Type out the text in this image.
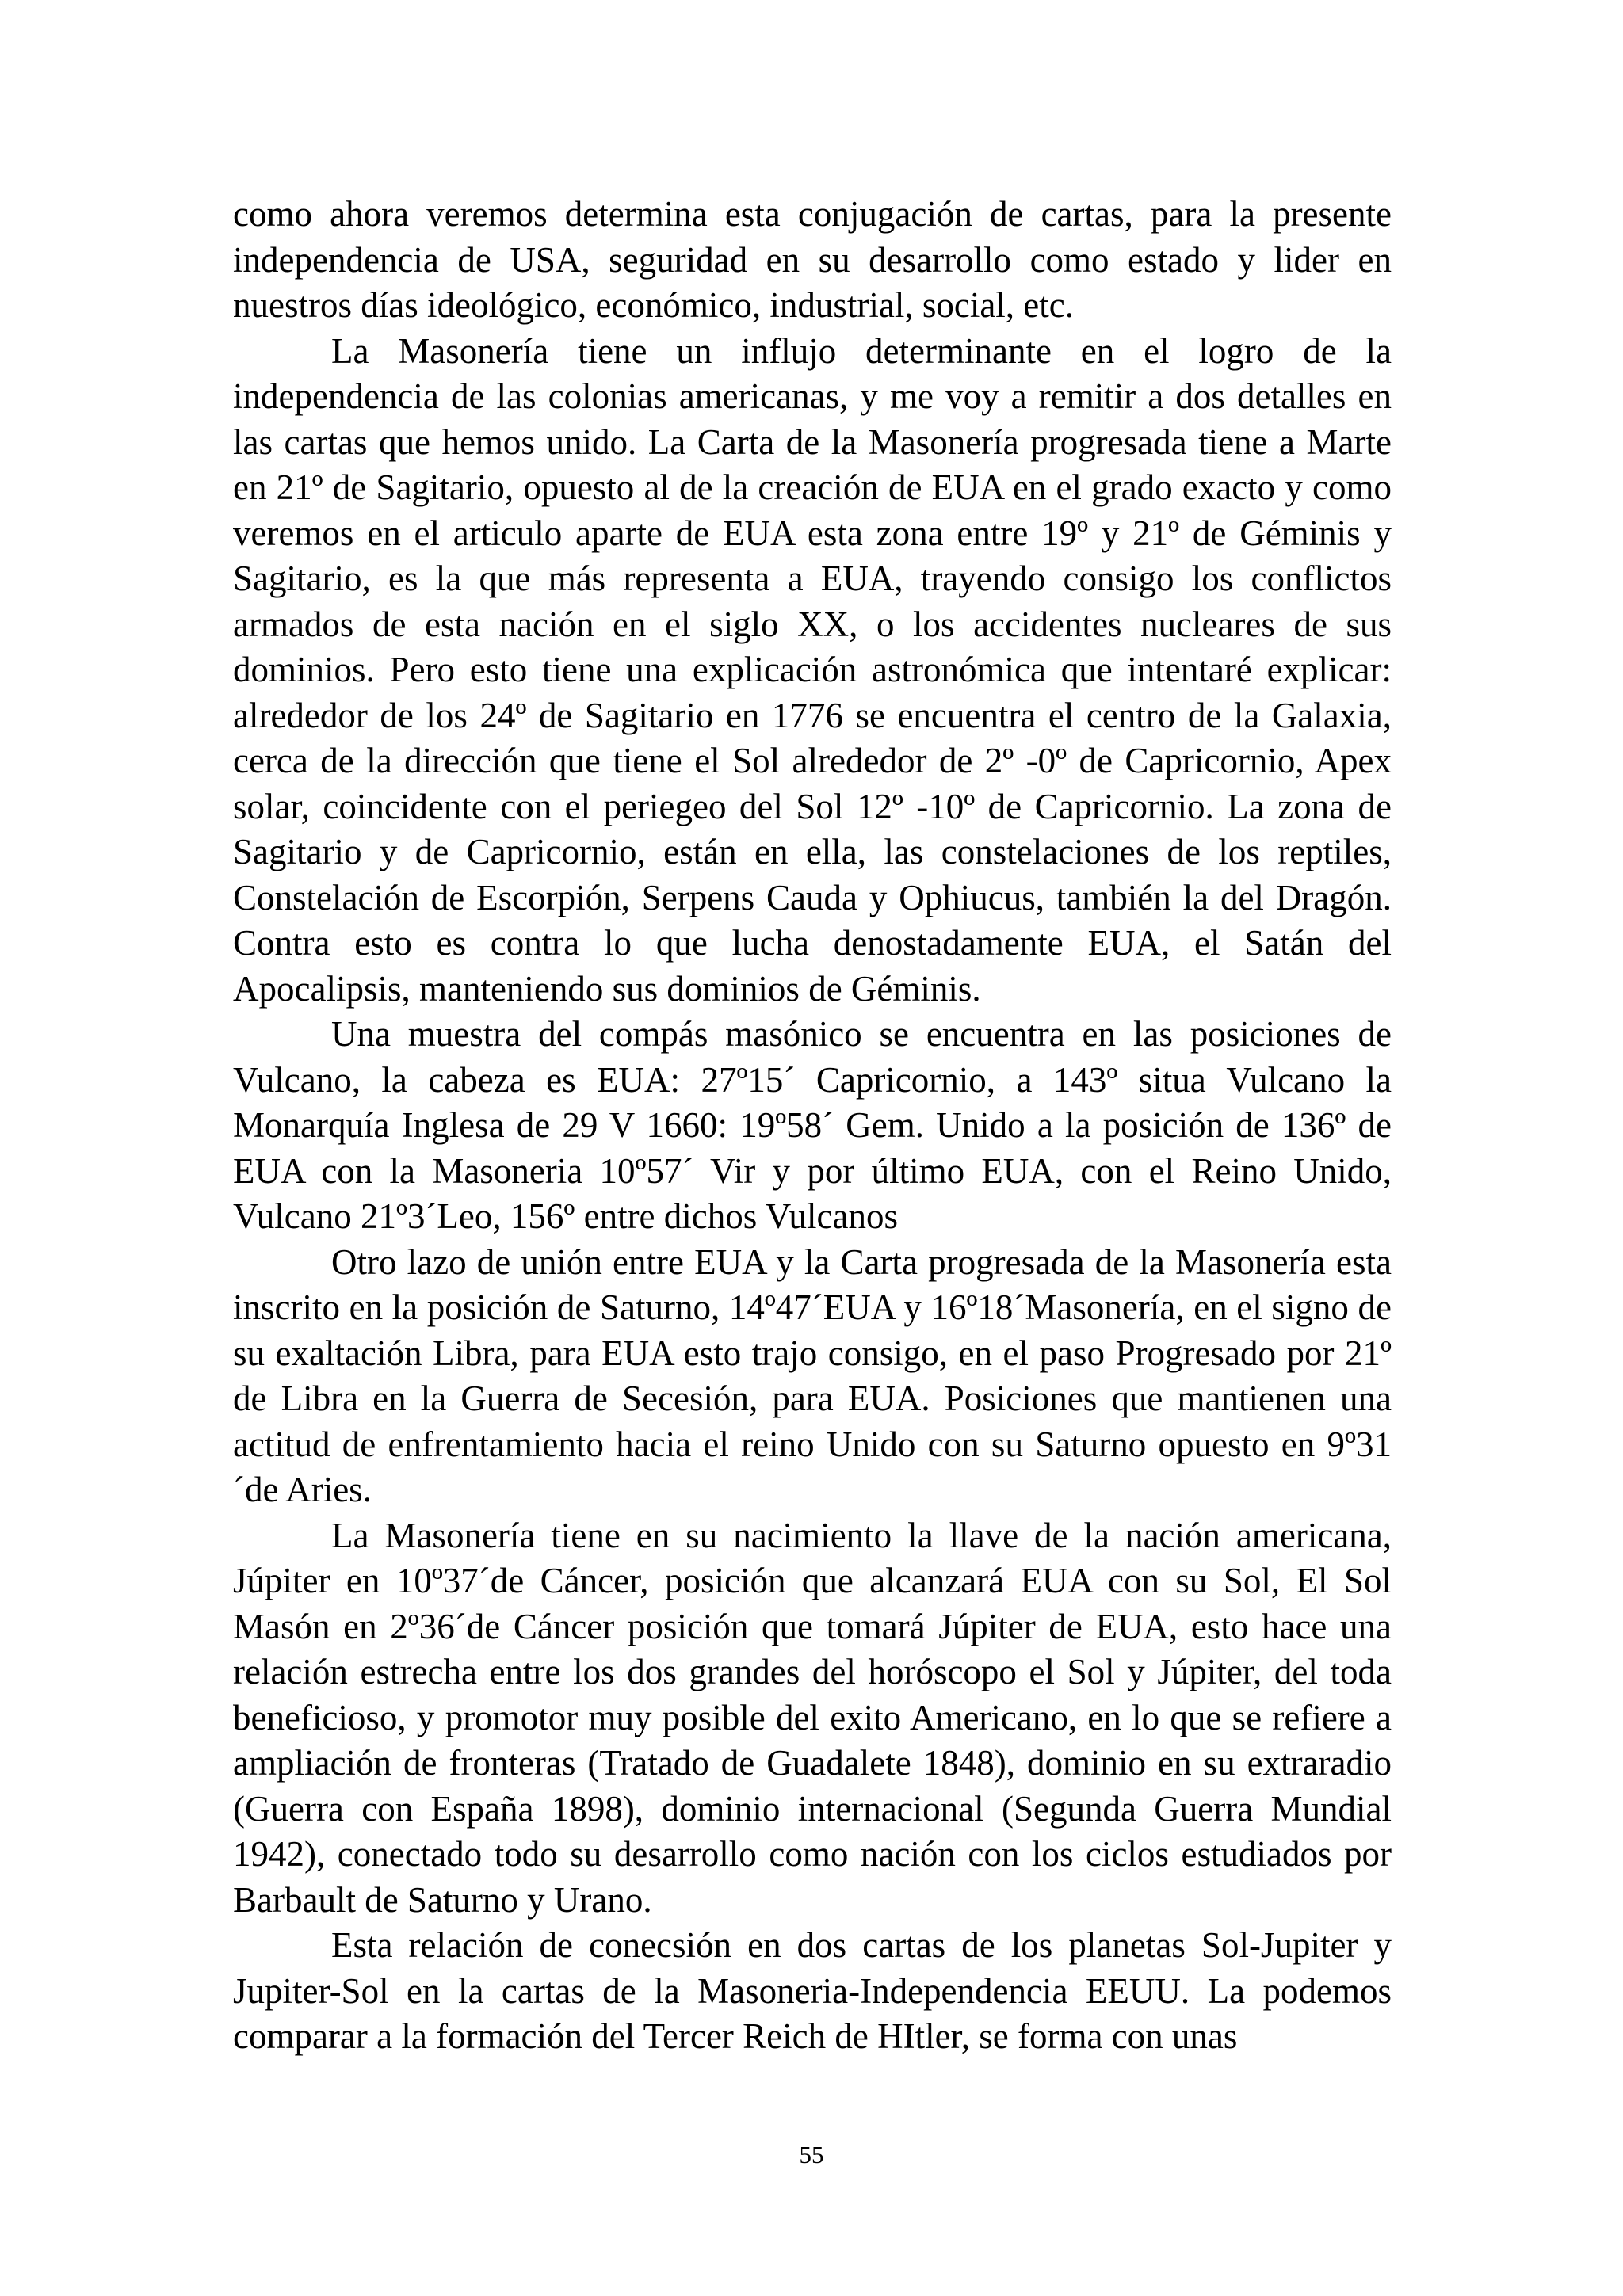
como ahora veremos determina esta conjugación de cartas, para la presente independencia de USA, seguridad en su desarrollo como estado y lider en nuestros días ideológico, económico, industrial, social, etc.

La Masonería tiene un influjo determinante en el logro de la independencia de las colonias americanas, y me voy a remitir a dos detalles en las cartas que hemos unido. La Carta de la Masonería progresada tiene a Marte en 21º de Sagitario, opuesto al de la creación de EUA en el grado exacto y como veremos en el articulo aparte de EUA esta zona entre 19º y 21º de Géminis y Sagitario, es la que más representa a EUA, trayendo consigo los conflictos armados de esta nación en el siglo XX, o los accidentes nucleares de sus dominios. Pero esto tiene una explicación astronómica que intentaré explicar: alrededor de los 24º de Sagitario en 1776 se encuentra el centro de la Galaxia, cerca de la dirección que tiene el Sol alrededor de 2º -0º de Capricornio, Apex solar, coincidente con el periegeo del Sol 12º -10º de Capricornio. La zona de Sagitario y de Capricornio, están en ella, las constelaciones de los reptiles, Constelación de Escorpión, Serpens Cauda y Ophiucus, también la del Dragón. Contra esto es contra lo que lucha denostadamente EUA, el Satán del Apocalipsis, manteniendo sus dominios de Géminis.

Una muestra del compás masónico se encuentra en las posiciones de Vulcano, la cabeza es EUA: 27º15´ Capricornio, a 143º situa Vulcano la Monarquía Inglesa de 29 V 1660: 19º58´ Gem. Unido a la posición de 136º de EUA con la Masoneria 10º57´ Vir y por último EUA, con el Reino Unido, Vulcano 21º3´Leo, 156º entre dichos Vulcanos

Otro lazo de unión entre EUA y la Carta progresada de la Masonería esta inscrito en la posición de Saturno, 14º47´EUA y 16º18´Masonería, en el signo de su exaltación Libra, para EUA esto trajo consigo, en el paso Progresado por 21º de Libra en la Guerra de Secesión, para EUA. Posiciones que mantienen una actitud de enfrentamiento hacia el reino Unido con su Saturno opuesto en 9º31´de Aries.

La Masonería tiene en su nacimiento la llave de la nación americana, Júpiter en 10º37´de Cáncer, posición que alcanzará EUA con su Sol, El Sol Masón en 2º36´de Cáncer posición que tomará Júpiter de EUA, esto hace una relación estrecha entre los dos grandes del horóscopo el Sol y Júpiter, del toda beneficioso, y promotor muy posible del exito Americano, en lo que se refiere a ampliación de fronteras (Tratado de Guadalete 1848), dominio en su extraradio (Guerra con España 1898), dominio internacional (Segunda Guerra Mundial 1942), conectado todo su desarrollo como nación con los ciclos estudiados por Barbault de Saturno y Urano.

Esta relación de conecsión en dos cartas de los planetas Sol-Jupiter y Jupiter-Sol en la cartas de la Masoneria-Independencia EEUU. La podemos comparar a la formación del Tercer Reich de HItler, se forma con unas

55
